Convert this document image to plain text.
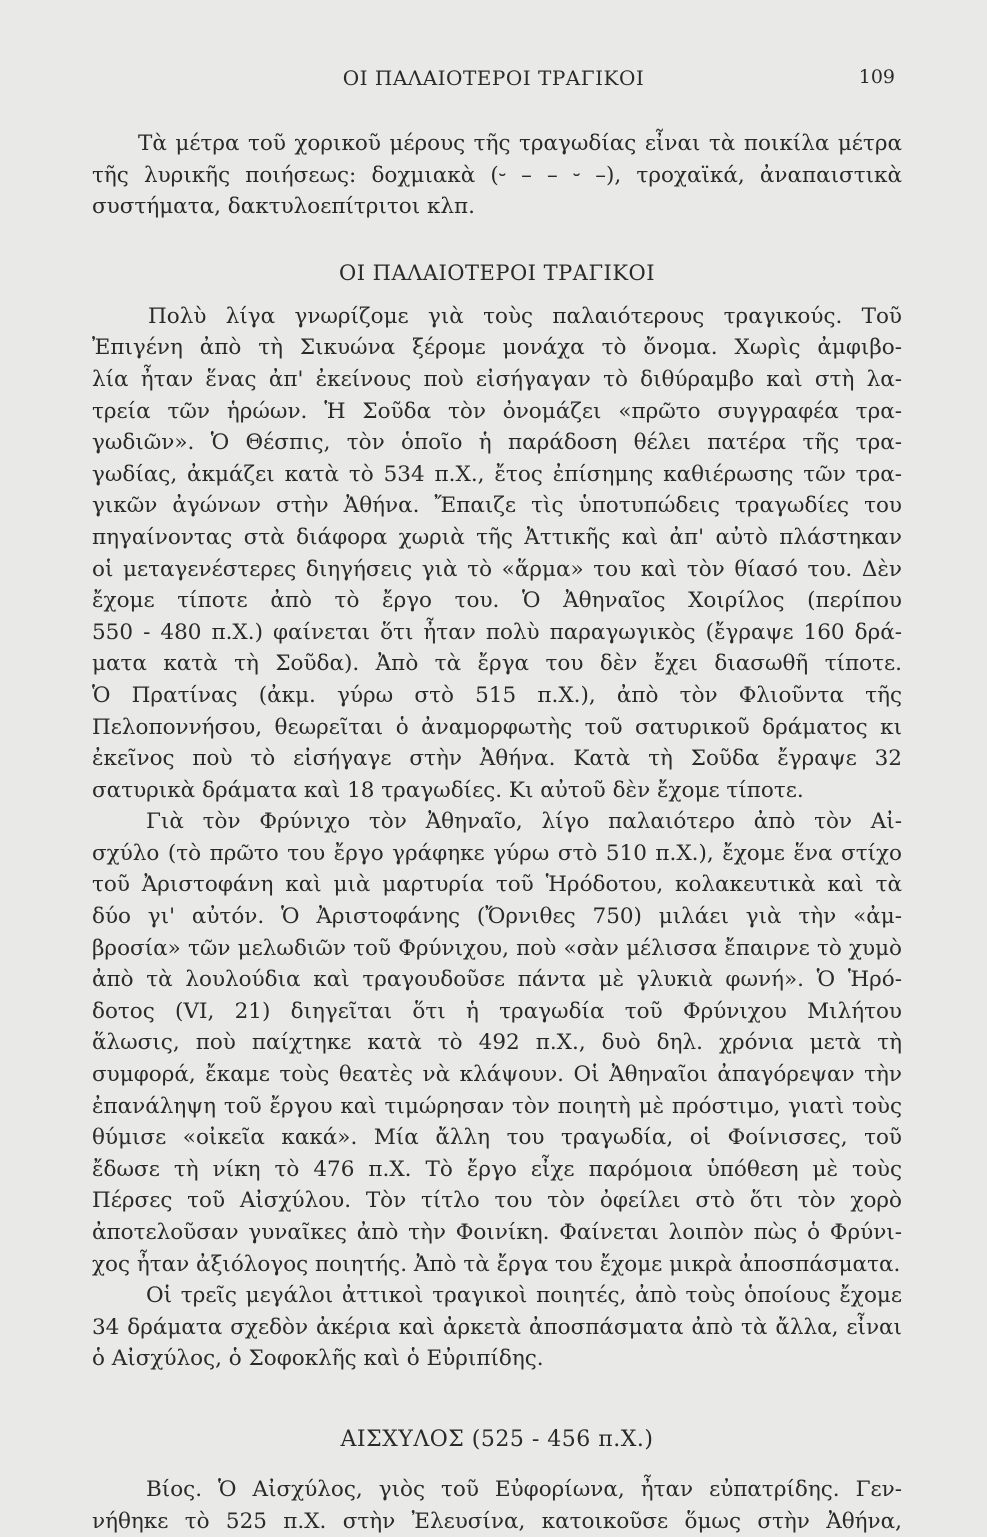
ΟΙ ΠΑΛΑΙΟΤΕΡΟΙ ΤΡΑΓΙΚΟΙ	109
Τὰ μέτρα τοῦ χορικοῦ μέρους τῆς τραγωδίας εἶναι τὰ ποικίλα μέτρα
τῆς λυρικῆς ποιήσεως: δοχμιακὰ (⏑ – – ⏑ –), τροχαϊκά, ἀναπαιστικὰ
συστήματα, δακτυλοεπίτριτοι κλπ.
ΟΙ ΠΑΛΑΙΟΤΕΡΟΙ ΤΡΑΓΙΚΟΙ
Πολὺ λίγα γνωρίζομε γιὰ τοὺς παλαιότερους τραγικούς. Τοῦ
Ἐπιγένη ἀπὸ τὴ Σικυώνα ξέρομε μονάχα τὸ ὄνομα. Χωρὶς ἀμφιβο-
λία ἦταν ἕνας ἀπ' ἐκείνους ποὺ εἰσήγαγαν τὸ διθύραμβο καὶ στὴ λα-
τρεία τῶν ἡρώων. Ἡ Σοῦδα τὸν ὀνομάζει «πρῶτο συγγραφέα τρα-
γωδιῶν». Ὁ Θέσπις, τὸν ὁποῖο ἡ παράδοση θέλει πατέρα τῆς τρα-
γωδίας, ἀκμάζει κατὰ τὸ 534 π.Χ., ἔτος ἐπίσημης καθιέρωσης τῶν τρα-
γικῶν ἀγώνων στὴν Ἀθήνα. Ἔπαιζε τὶς ὑποτυπώδεις τραγωδίες του
πηγαίνοντας στὰ διάφορα χωριὰ τῆς Ἀττικῆς καὶ ἀπ' αὐτὸ πλάστηκαν
οἱ μεταγενέστερες διηγήσεις γιὰ τὸ «ἅρμα» του καὶ τὸν θίασό του. Δὲν
ἔχομε τίποτε ἀπὸ τὸ ἔργο του. Ὁ Ἀθηναῖος Χοιρίλος (περίπου
550 - 480 π.Χ.) φαίνεται ὅτι ἦταν πολὺ παραγωγικὸς (ἔγραψε 160 δρά-
ματα κατὰ τὴ Σοῦδα). Ἀπὸ τὰ ἔργα του δὲν ἔχει διασωθῆ τίποτε.
Ὁ Πρατίνας (ἀκμ. γύρω στὸ 515 π.Χ.), ἀπὸ τὸν Φλιοῦντα τῆς
Πελοποννήσου, θεωρεῖται ὁ ἀναμορφωτὴς τοῦ σατυρικοῦ δράματος κι
ἐκεῖνος ποὺ τὸ εἰσήγαγε στὴν Ἀθήνα. Κατὰ τὴ Σοῦδα ἔγραψε 32
σατυρικὰ δράματα καὶ 18 τραγωδίες. Κι αὐτοῦ δὲν ἔχομε τίποτε.
Γιὰ τὸν Φρύνιχο τὸν Ἀθηναῖο, λίγο παλαιότερο ἀπὸ τὸν Αἰ-
σχύλο (τὸ πρῶτο του ἔργο γράφηκε γύρω στὸ 510 π.Χ.), ἔχομε ἕνα στίχο
τοῦ Ἀριστοφάνη καὶ μιὰ μαρτυρία τοῦ Ἡρόδοτου, κολακευτικὰ καὶ τὰ
δύο γι' αὐτόν. Ὁ Ἀριστοφάνης (Ὄρνιθες 750) μιλάει γιὰ τὴν «ἀμ-
βροσία» τῶν μελωδιῶν τοῦ Φρύνιχου, ποὺ «σὰν μέλισσα ἔπαιρνε τὸ χυμὸ
ἀπὸ τὰ λουλούδια καὶ τραγουδοῦσε πάντα μὲ γλυκιὰ φωνή». Ὁ Ἡρό-
δοτος (VI, 21) διηγεῖται ὅτι ἡ τραγωδία τοῦ Φρύνιχου Μιλήτου
ἅλωσις, ποὺ παίχτηκε κατὰ τὸ 492 π.Χ., δυὸ δηλ. χρόνια μετὰ τὴ
συμφορά, ἔκαμε τοὺς θεατὲς νὰ κλάψουν. Οἱ Ἀθηναῖοι ἀπαγόρεψαν τὴν
ἐπανάληψη τοῦ ἔργου καὶ τιμώρησαν τὸν ποιητὴ μὲ πρόστιμο, γιατὶ τοὺς
θύμισε «οἰκεῖα κακά». Μία ἄλλη του τραγωδία, οἱ Φοίνισσες, τοῦ
ἔδωσε τὴ νίκη τὸ 476 π.Χ. Τὸ ἔργο εἶχε παρόμοια ὑπόθεση μὲ τοὺς
Πέρσες τοῦ Αἰσχύλου. Τὸν τίτλο του τὸν ὀφείλει στὸ ὅτι τὸν χορὸ
ἀποτελοῦσαν γυναῖκες ἀπὸ τὴν Φοινίκη. Φαίνεται λοιπὸν πὼς ὁ Φρύνι-
χος ἦταν ἀξιόλογος ποιητής. Ἀπὸ τὰ ἔργα του ἔχομε μικρὰ ἀποσπάσματα.
Οἱ τρεῖς μεγάλοι ἀττικοὶ τραγικοὶ ποιητές, ἀπὸ τοὺς ὁποίους ἔχομε
34 δράματα σχεδὸν ἀκέρια καὶ ἀρκετὰ ἀποσπάσματα ἀπὸ τὰ ἄλλα, εἶναι
ὁ Αἰσχύλος, ὁ Σοφοκλῆς καὶ ὁ Εὐριπίδης.
ΑΙΣΧΥΛΟΣ (525 - 456 π.Χ.)
Βίος. Ὁ Αἰσχύλος, γιὸς τοῦ Εὐφορίωνα, ἦταν εὐπατρίδης. Γεν-
νήθηκε τὸ 525 π.Χ. στὴν Ἐλευσίνα, κατοικοῦσε ὅμως στὴν Ἀθήνα,
